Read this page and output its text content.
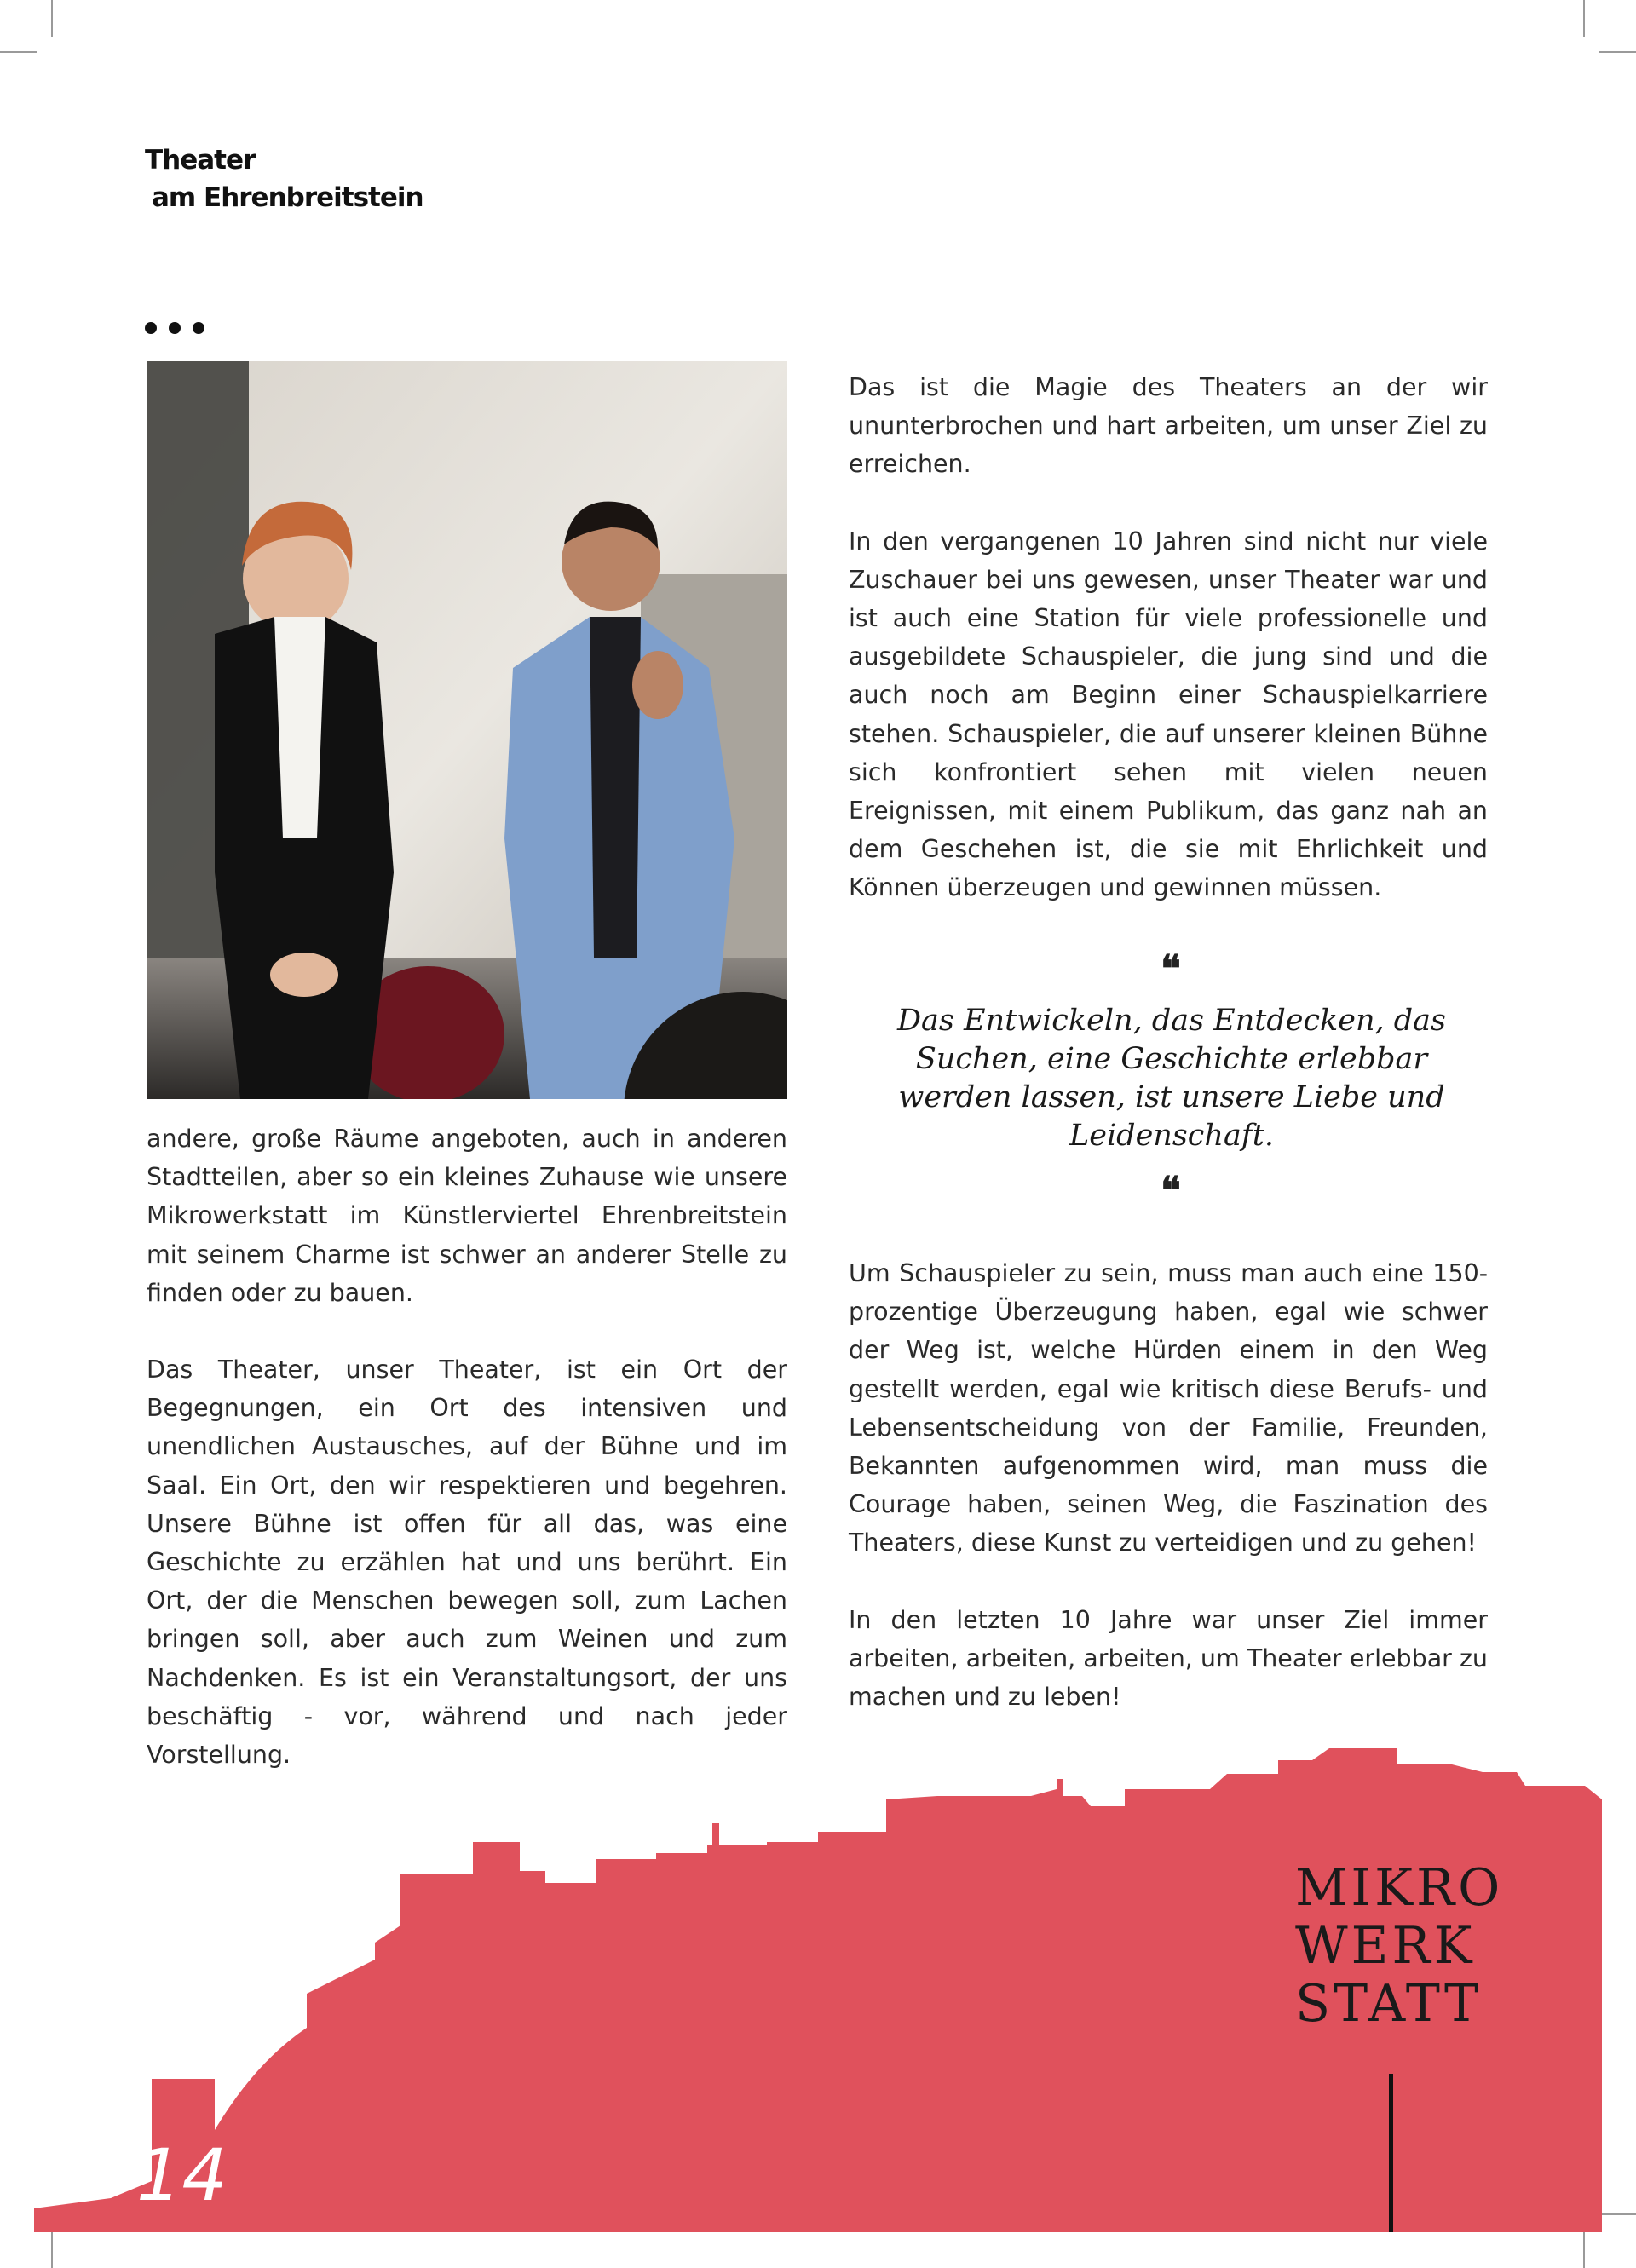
Theater
am Ehrenbreitstein

Das ist die Magie des Theaters an der wir ununterbrochen und hart arbeiten, um unser Ziel zu erreichen.

In den vergangenen 10 Jahren sind nicht nur viele Zuschauer bei uns gewesen, unser Theater war und ist auch eine Station für viele professionelle und ausgebildete Schauspieler, die jung sind und die auch noch am Beginn einer Schauspielkarriere stehen. Schauspieler, die auf unserer kleinen Bühne sich konfrontiert sehen mit vielen neuen Ereignissen, mit einem Publikum, das ganz nah an dem Geschehen ist, die sie mit Ehrlichkeit und Können überzeugen und gewinnen müssen.

❝
Das Entwickeln, das Entdecken, das Suchen, eine Geschichte erlebbar werden lassen, ist unsere Liebe und Leidenschaft.
❝

Um Schauspieler zu sein, muss man auch eine 150-prozentige Überzeugung haben, egal wie schwer der Weg ist, welche Hürden einem in den Weg gestellt werden, egal wie kritisch diese Berufs- und Lebensentscheidung von der Familie, Freunden, Bekannten aufgenommen wird, man muss die Courage haben, seinen Weg, die Faszination des Theaters, diese Kunst zu verteidigen und zu gehen!

In den letzten 10 Jahre war unser Ziel immer arbeiten, arbeiten, arbeiten, um Theater erlebbar zu machen und zu leben!

andere, große Räume angeboten, auch in anderen Stadtteilen, aber so ein kleines Zuhause wie unsere Mikrowerkstatt im Künstlerviertel Ehrenbreitstein mit seinem Charme ist schwer an anderer Stelle zu finden oder zu bauen.

Das Theater, unser Theater, ist ein Ort der Begegnungen, ein Ort des intensiven und unendlichen Austausches, auf der Bühne und im Saal. Ein Ort, den wir respektieren und begehren. Unsere Bühne ist offen für all das, was eine Geschichte zu erzählen hat und uns berührt. Ein Ort, der die Menschen bewegen soll, zum Lachen bringen soll, aber auch zum Weinen und zum Nachdenken. Es ist ein Veranstaltungsort, der uns beschäftig - vor, während und nach jeder Vorstellung.

MIKRO
WERK
STATT
14
